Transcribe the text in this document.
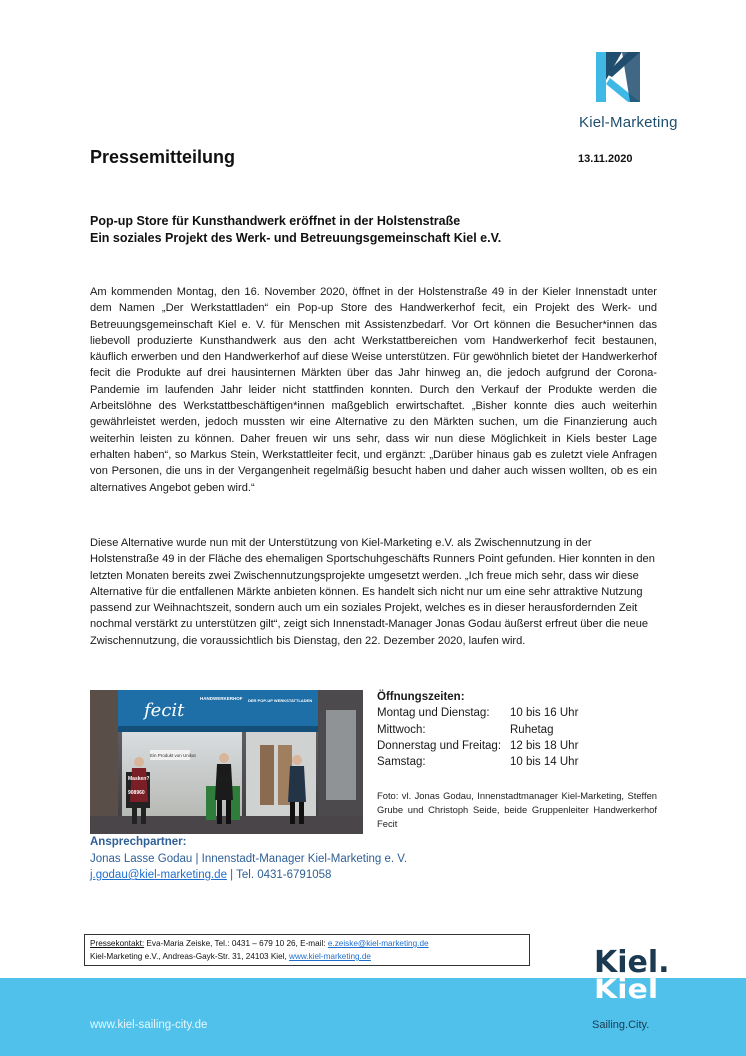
Kiel-Marketing
Pressemitteilung	13.11.2020
Pop-up Store für Kunsthandwerk eröffnet in der Holstenstraße
Ein soziales Projekt des Werk- und Betreuungsgemeinschaft Kiel e.V.
Am kommenden Montag, den 16. November 2020, öffnet in der Holstenstraße 49 in der Kieler Innenstadt unter dem Namen „Der Werkstattladen“ ein Pop-up Store des Handwerkerhof fecit, ein Projekt des Werk- und Betreuungsgemeinschaft Kiel e. V. für Menschen mit Assistenzbedarf. Vor Ort können die Besucher*innen das liebevoll produzierte Kunsthandwerk aus den acht Werkstattbereichen vom Handwerkerhof fecit bestaunen, käuflich erwerben und den Handwerkerhof auf diese Weise unterstützen. Für gewöhnlich bietet der Handwerkerhof fecit die Produkte auf drei hausinternen Märkten über das Jahr hinweg an, die jedoch aufgrund der Corona-Pandemie im laufenden Jahr leider nicht stattfinden konnten. Durch den Verkauf der Produkte werden die Arbeitslöhne des Werkstattbeschäftigen*innen maßgeblich erwirtschaftet. „Bisher konnte dies auch weiterhin gewährleistet werden, jedoch mussten wir eine Alternative zu den Märkten suchen, um die Finanzierung auch weiterhin leisten zu können. Daher freuen wir uns sehr, dass wir nun diese Möglichkeit in Kiels bester Lage erhalten haben“, so Markus Stein, Werkstattleiter fecit, und ergänzt: „Darüber hinaus gab es zuletzt viele Anfragen von Personen, die uns in der Vergangenheit regelmäßig besucht haben und daher auch wissen wollten, ob es ein alternatives Angebot geben wird.“
Diese Alternative wurde nun mit der Unterstützung von Kiel-Marketing e.V. als Zwischennutzung in der Holstenstraße 49 in der Fläche des ehemaligen Sportschuhgeschäfts Runners Point gefunden. Hier konnten in den letzten Monaten bereits zwei Zwischennutzungsprojekte umgesetzt werden. „Ich freue mich sehr, dass wir diese Alternative für die entfallenen Märkte anbieten können. Es handelt sich nicht nur um eine sehr attraktive Nutzung passend zur Weihnachtszeit, sondern auch um ein soziales Projekt, welches es in dieser herausfordernden Zeit nochmal verstärkt zu unterstützen gilt“, zeigt sich Innenstadt-Manager Jonas Godau äußerst erfreut über die neue Zwischennutzung, die voraussichtlich bis Dienstag, den 22. Dezember 2020, laufen wird.
fecit
HANDWERKERHOF DER POP-UP WERKSTATTLADEN
Ein Produkt von Unikat
Masken?
908960
Öffnungszeiten:
Montag und Dienstag:	10 bis 16 Uhr
Mittwoch:	Ruhetag
Donnerstag und Freitag: 12 bis 18 Uhr
Samstag:	10 bis 14 Uhr
Foto: vl. Jonas Godau, Innenstadtmanager Kiel-Marketing, Steffen Grube und Christoph Seide, beide Gruppenleiter Handwerkerhof Fecit
Ansprechpartner:
Jonas Lasse Godau | Innenstadt-Manager Kiel-Marketing e. V.
j.godau@kiel-marketing.de | Tel. 0431-6791058
Pressekontakt: Eva-Maria Zeiske, Tel.: 0431 – 679 10 26, E-mail: e.zeiske@kiel-marketing.de
Kiel-Marketing e.V., Andreas-Gayk-Str. 31, 24103 Kiel, www.kiel-marketing.de
www.kiel-sailing-city.de
Kiel.
Kiel
Sailing.City.
